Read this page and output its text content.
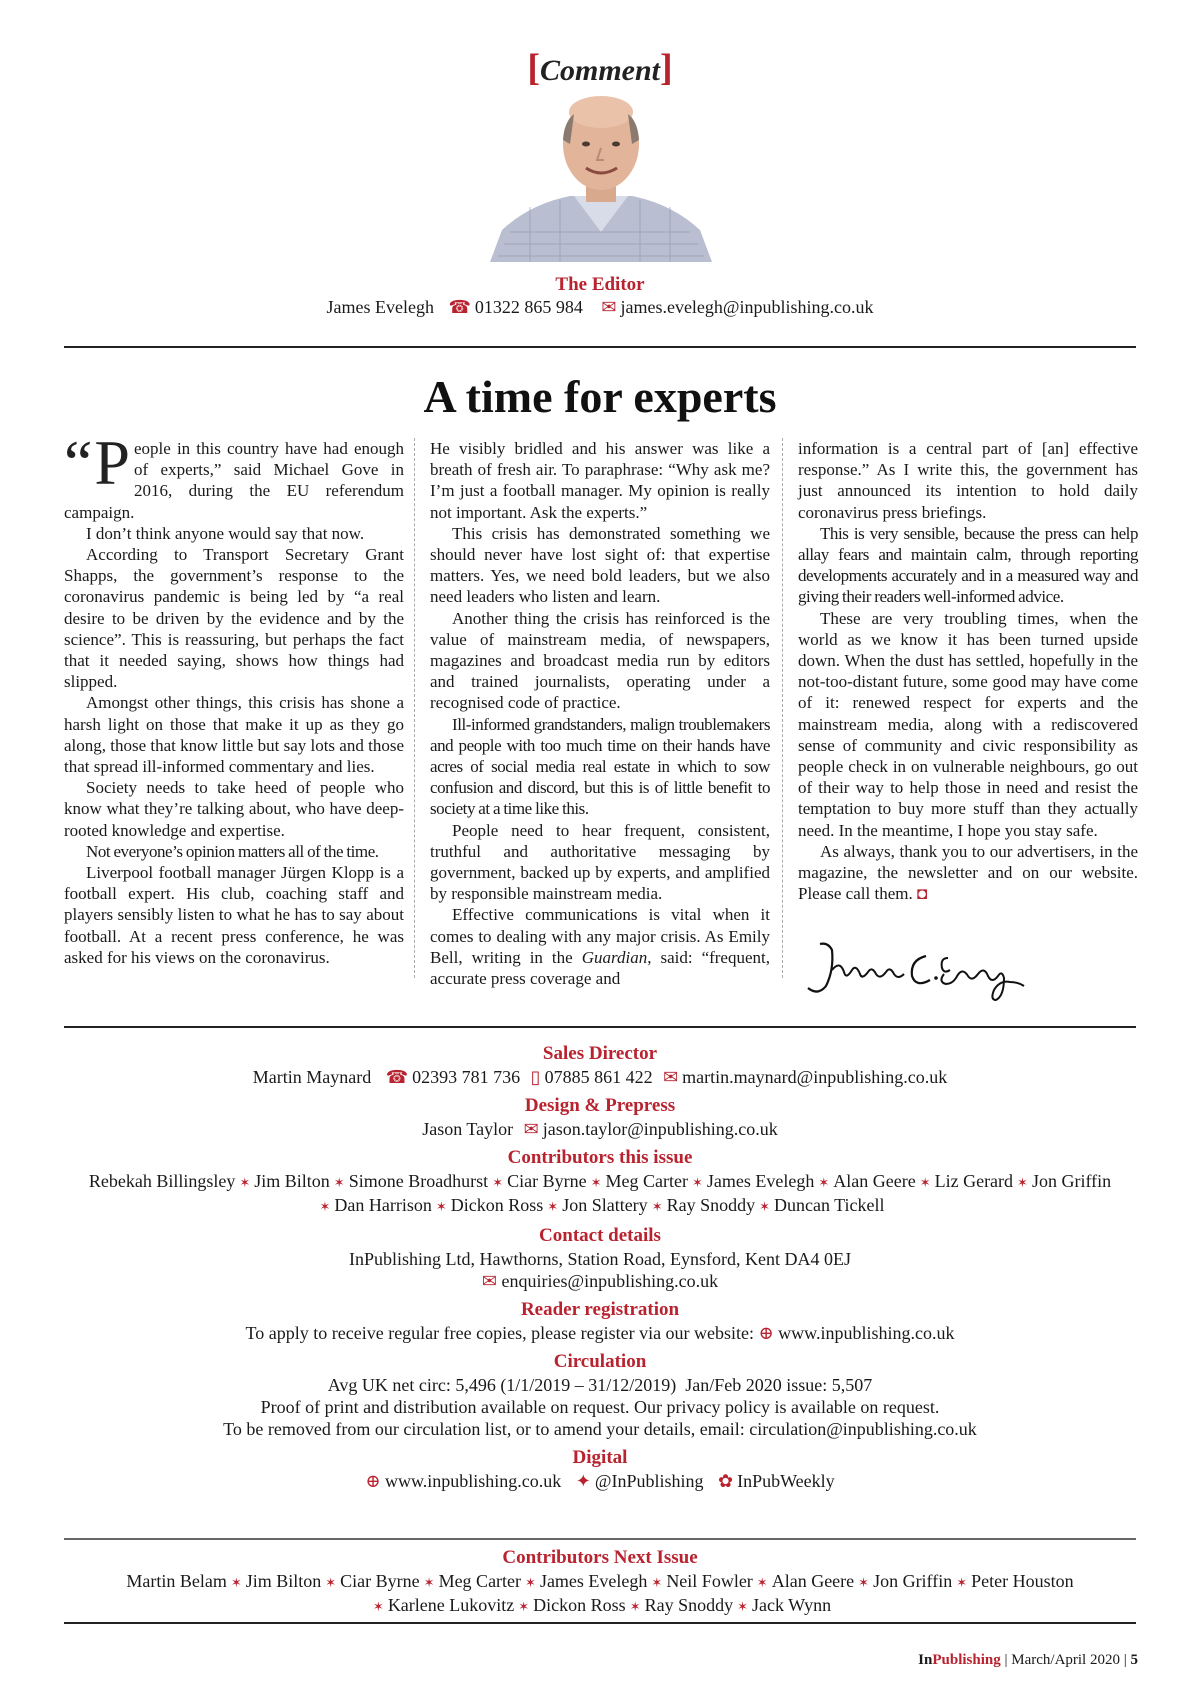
[Comment]
The Editor
James Evelegh ☎ 01322 865 984 ✉ james.evelegh@inpublishing.co.uk
A time for experts

“ P eople in this country have had enough of experts,” said Michael Gove in 2016, during the EU referendum campaign.

I don’t think anyone would say that now.

According to Transport Secretary Grant Shapps, the government’s response to the coronavirus pandemic is being led by “a real desire to be driven by the evidence and by the science”. This is reassuring, but perhaps the fact that it needed saying, shows how things had slipped.

Amongst other things, this crisis has shone a harsh light on those that make it up as they go along, those that know little but say lots and those that spread ill-informed commentary and lies.

Society needs to take heed of people who know what they’re talking about, who have deep-rooted knowledge and expertise.

Not everyone’s opinion matters all of the time.

Liverpool football manager Jürgen Klopp is a football expert. His club, coaching staff and players sensibly listen to what he has to say about football. At a recent press conference, he was asked for his views on the coronavirus.

He visibly bridled and his answer was like a breath of fresh air. To paraphrase: “Why ask me? I’m just a football manager. My opinion is really not important. Ask the experts.”

This crisis has demonstrated something we should never have lost sight of: that expertise matters. Yes, we need bold leaders, but we also need leaders who listen and learn.

Another thing the crisis has reinforced is the value of mainstream media, of newspapers, magazines and broadcast media run by editors and trained journalists, operating under a recognised code of practice.

Ill-informed grandstanders, malign troublemakers and people with too much time on their hands have acres of social media real estate in which to sow confusion and discord, but this is of little benefit to society at a time like this.

People need to hear frequent, consistent, truthful and authoritative messaging by government, backed up by experts, and amplified by responsible mainstream media.

Effective communications is vital when it comes to dealing with any major crisis. As Emily Bell, writing in the Guardian, said: “frequent, accurate press coverage and

information is a central part of [an] effective response.” As I write this, the government has just announced its intention to hold daily coronavirus press briefings.

This is very sensible, because the press can help allay fears and maintain calm, through reporting developments accurately and in a measured way and giving their readers well-informed advice.

These are very troubling times, when the world as we know it has been turned upside down. When the dust has settled, hopefully in the not-too-distant future, some good may have come of it: renewed respect for experts and the mainstream media, along with a rediscovered sense of community and civic responsibility as people check in on vulnerable neighbours, go out of their way to help those in need and resist the temptation to buy more stuff than they actually need. In the meantime, I hope you stay safe.

As always, thank you to our advertisers, in the magazine, the newsletter and on our website. Please call them. ◘

Sales Director
Martin Maynard ☎ 02393 781 736 ▯ 07885 861 422 ✉ martin.maynard@inpublishing.co.uk
Design & Prepress
Jason Taylor ✉ jason.taylor@inpublishing.co.uk
Contributors this issue
Rebekah Billingsley ✶ Jim Bilton ✶ Simone Broadhurst ✶ Ciar Byrne ✶ Meg Carter ✶ James Evelegh ✶ Alan Geere ✶ Liz Gerard ✶ Jon Griffin
✶ Dan Harrison ✶ Dickon Ross ✶ Jon Slattery ✶ Ray Snoddy ✶ Duncan Tickell
Contact details
InPublishing Ltd, Hawthorns, Station Road, Eynsford, Kent DA4 0EJ
✉ enquiries@inpublishing.co.uk
Reader registration
To apply to receive regular free copies, please register via our website: ⊕ www.inpublishing.co.uk
Circulation
Avg UK net circ: 5,496 (1/1/2019 – 31/12/2019)  Jan/Feb 2020 issue: 5,507
Proof of print and distribution available on request. Our privacy policy is available on request.
To be removed from our circulation list, or to amend your details, email: circulation@inpublishing.co.uk
Digital
⊕ www.inpublishing.co.uk ✦ @InPublishing ✿ InPubWeekly
Contributors Next Issue
Martin Belam ✶ Jim Bilton ✶ Ciar Byrne ✶ Meg Carter ✶ James Evelegh ✶ Neil Fowler ✶ Alan Geere ✶ Jon Griffin ✶ Peter Houston
✶ Karlene Lukovitz ✶ Dickon Ross ✶ Ray Snoddy ✶ Jack Wynn
InPublishing | March/April 2020 | 5
